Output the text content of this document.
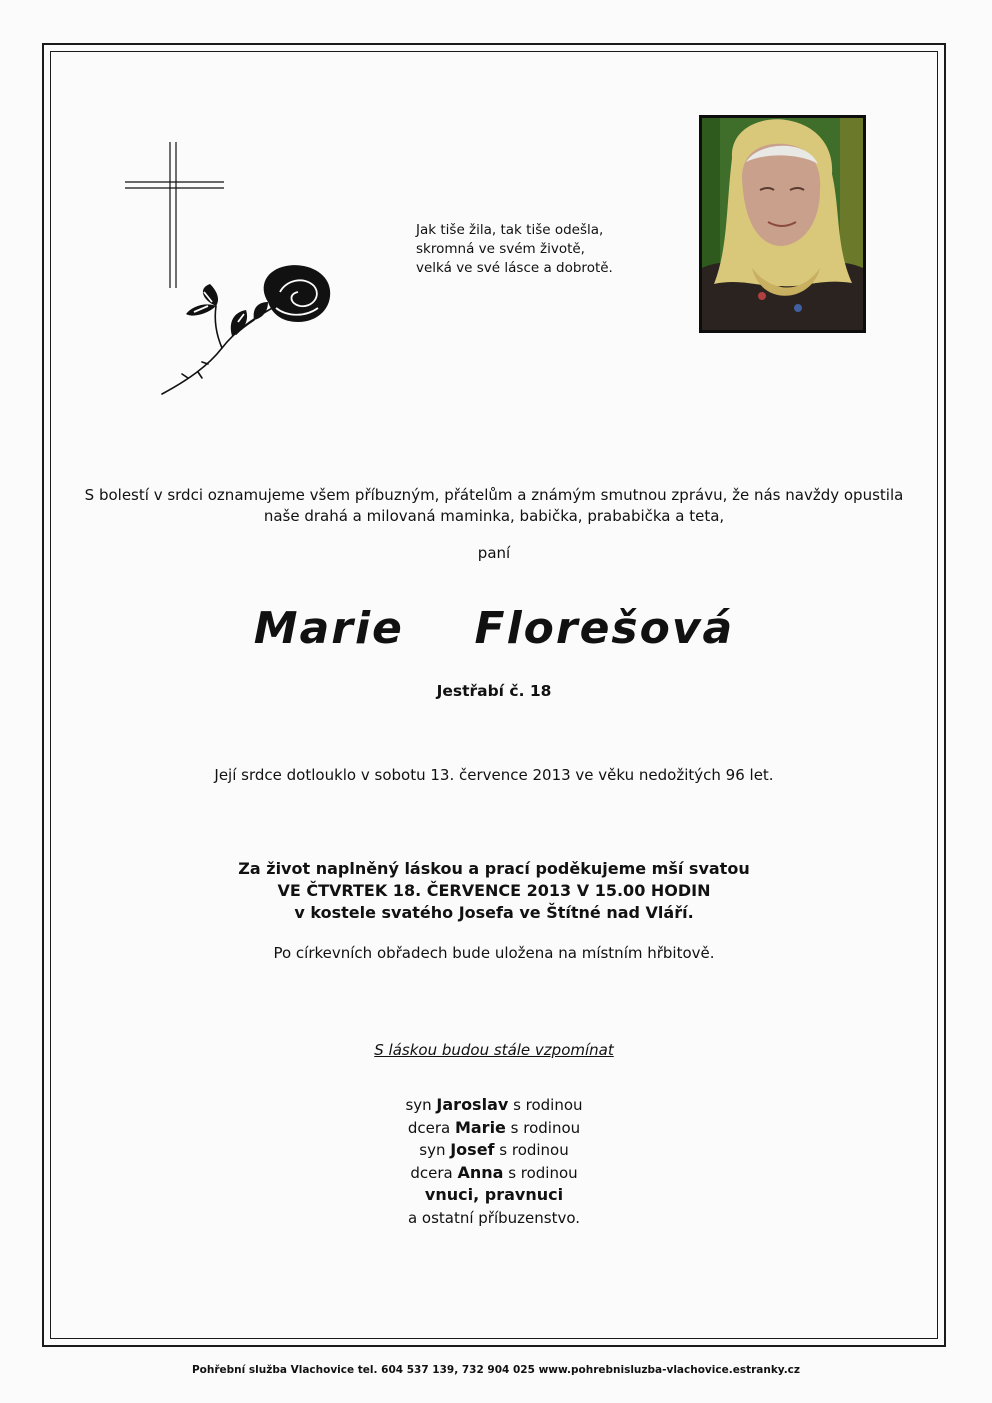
Jak tiše žila, tak tiše odešla,
skromná ve svém životě,
velká ve své lásce a dobrotě.
S bolestí v srdci oznamujeme všem příbuzným, přátelům a známým smutnou zprávu, že nás navždy opustila
naše drahá a milovaná maminka, babička, prababička a teta,
paní
Marie  Florešová
Jestřabí č. 18
Její srdce dotlouklo v sobotu 13. července 2013 ve věku nedožitých 96 let.
Za život naplněný láskou a prací poděkujeme mší svatou
VE ČTVRTEK 18. ČERVENCE 2013 V 15.00 HODIN
v kostele svatého Josefa ve Štítné nad Vláří.
Po církevních obřadech bude uložena na místním hřbitově.
S láskou budou stále vzpomínat
syn Jaroslav s rodinou
dcera Marie s rodinou
syn Josef s rodinou
dcera Anna s rodinou
vnuci, pravnuci
a ostatní příbuzenstvo.
Pohřební služba Vlachovice tel. 604 537 139, 732 904 025 www.pohrebnisluzba-vlachovice.estranky.cz
